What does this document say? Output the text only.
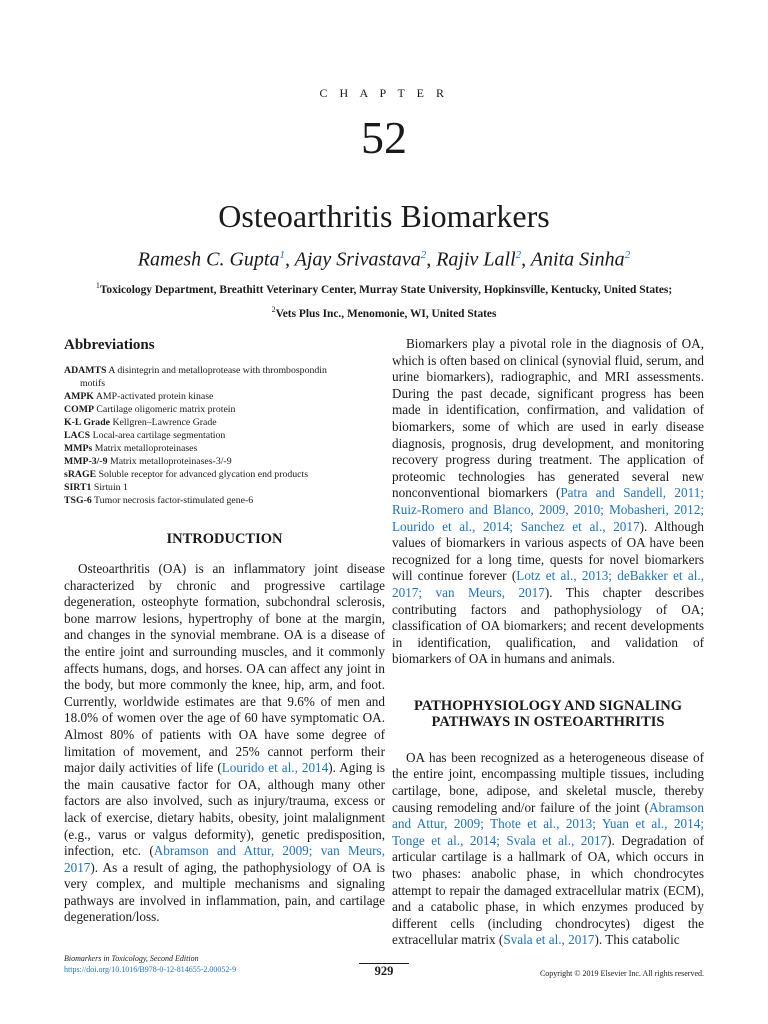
C H A P T E R
52
Osteoarthritis Biomarkers
Ramesh C. Gupta$^1$, Ajay Srivastava$^2$, Rajiv Lall$^2$, Anita Sinha$^2$
$^1$Toxicology Department, Breathitt Veterinary Center, Murray State University, Hopkinsville, Kentucky, United States;
$^2$Vets Plus Inc., Menomonie, WI, United States
Abbreviations
ADAMTS A disintegrin and metalloprotease with thrombospondin
motifs
AMPK AMP-activated protein kinase
COMP Cartilage oligomeric matrix protein
K-L Grade Kellgren–Lawrence Grade
LACS Local-area cartilage segmentation
MMPs Matrix metalloproteinases
MMP-3/-9 Matrix metalloproteinases-3/-9
sRAGE Soluble receptor for advanced glycation end products
SIRT1 Sirtuin 1
TSG-6 Tumor necrosis factor-stimulated gene-6
INTRODUCTION

Osteoarthritis (OA) is an inflammatory joint disease characterized by chronic and progressive cartilage degeneration, osteophyte formation, subchondral sclerosis, bone marrow lesions, hypertrophy of bone at the margin, and changes in the synovial membrane. OA is a disease of the entire joint and surrounding muscles, and it commonly affects humans, dogs, and horses. OA can affect any joint in the body, but more commonly the knee, hip, arm, and foot. Currently, worldwide estimates are that 9.6% of men and 18.0% of women over the age of 60 have symptomatic OA. Almost 80% of patients with OA have some degree of limitation of movement, and 25% cannot perform their major daily activities of life (Lourido et al., 2014). Aging is the main causative factor for OA, although many other factors are also involved, such as injury/trauma, excess or lack of exercise, dietary habits, obesity, joint malalignment (e.g., varus or valgus deformity), genetic predisposition, infection, etc. (Abramson and Attur, 2009; van Meurs, 2017). As a result of aging, the pathophysiology of OA is very complex, and multiple mechanisms and signaling pathways are involved in inflammation, pain, and cartilage degeneration/loss.

Biomarkers play a pivotal role in the diagnosis of OA, which is often based on clinical (synovial fluid, serum, and urine biomarkers), radiographic, and MRI assessments. During the past decade, significant progress has been made in identification, confirmation, and validation of biomarkers, some of which are used in early disease diagnosis, prognosis, drug development, and monitoring recovery progress during treatment. The application of proteomic technologies has generated several new nonconventional biomarkers (Patra and Sandell, 2011; Ruiz-Romero and Blanco, 2009, 2010; Mobasheri, 2012; Lourido et al., 2014; Sanchez et al., 2017). Although values of biomarkers in various aspects of OA have been recognized for a long time, quests for novel biomarkers will continue forever (Lotz et al., 2013; deBakker et al., 2017; van Meurs, 2017). This chapter describes contributing factors and pathophysiology of OA; classification of OA biomarkers; and recent developments in identification, qualification, and validation of biomarkers of OA in humans and animals.

PATHOPHYSIOLOGY AND SIGNALING
PATHWAYS IN OSTEOARTHRITIS

OA has been recognized as a heterogeneous disease of the entire joint, encompassing multiple tissues, including cartilage, bone, adipose, and skeletal muscle, thereby causing remodeling and/or failure of the joint (Abramson and Attur, 2009; Thote et al., 2013; Yuan et al., 2014; Tonge et al., 2014; Svala et al., 2017). Degradation of articular cartilage is a hallmark of OA, which occurs in two phases: anabolic phase, in which chondrocytes attempt to repair the damaged extracellular matrix (ECM), and a catabolic phase, in which enzymes produced by different cells (including chondrocytes) digest the extracellular matrix (Svala et al., 2017). This catabolic

Biomarkers in Toxicology, Second Edition
https://doi.org/10.1016/B978-0-12-814655-2.00052-9	929	Copyright © 2019 Elsevier Inc. All rights reserved.
